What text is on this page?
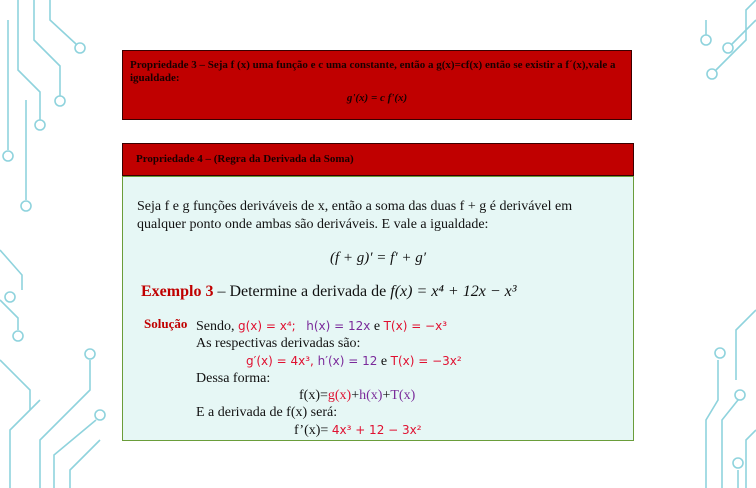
Propriedade 3 – Seja f (x) uma função e c uma constante, então a g(x)=cf(x) então se existir a f´(x),vale a igualdade:
g'(x) = c f'(x)
Propriedade 4 – (Regra da Derivada da Soma)
Seja f e g funções deriváveis de x, então a soma das duas f + g é derivável em
qualquer ponto onde ambas são deriváveis. E vale a igualdade:
(f + g)′ = f′ + g′
Exemplo 3 – Determine a derivada de f(x) = x⁴ + 12x − x³
Solução Sendo, g(x) = x⁴; h(x) = 12x e T(x) = −x³
As respectivas derivadas são:
g′(x) = 4x³, h′(x) = 12 e T(x) = −3x²
Dessa forma:
f(x)=g(x)+h(x)+T(x)
E a derivada de f(x) será:
f’(x)= 4x³ + 12 − 3x²
